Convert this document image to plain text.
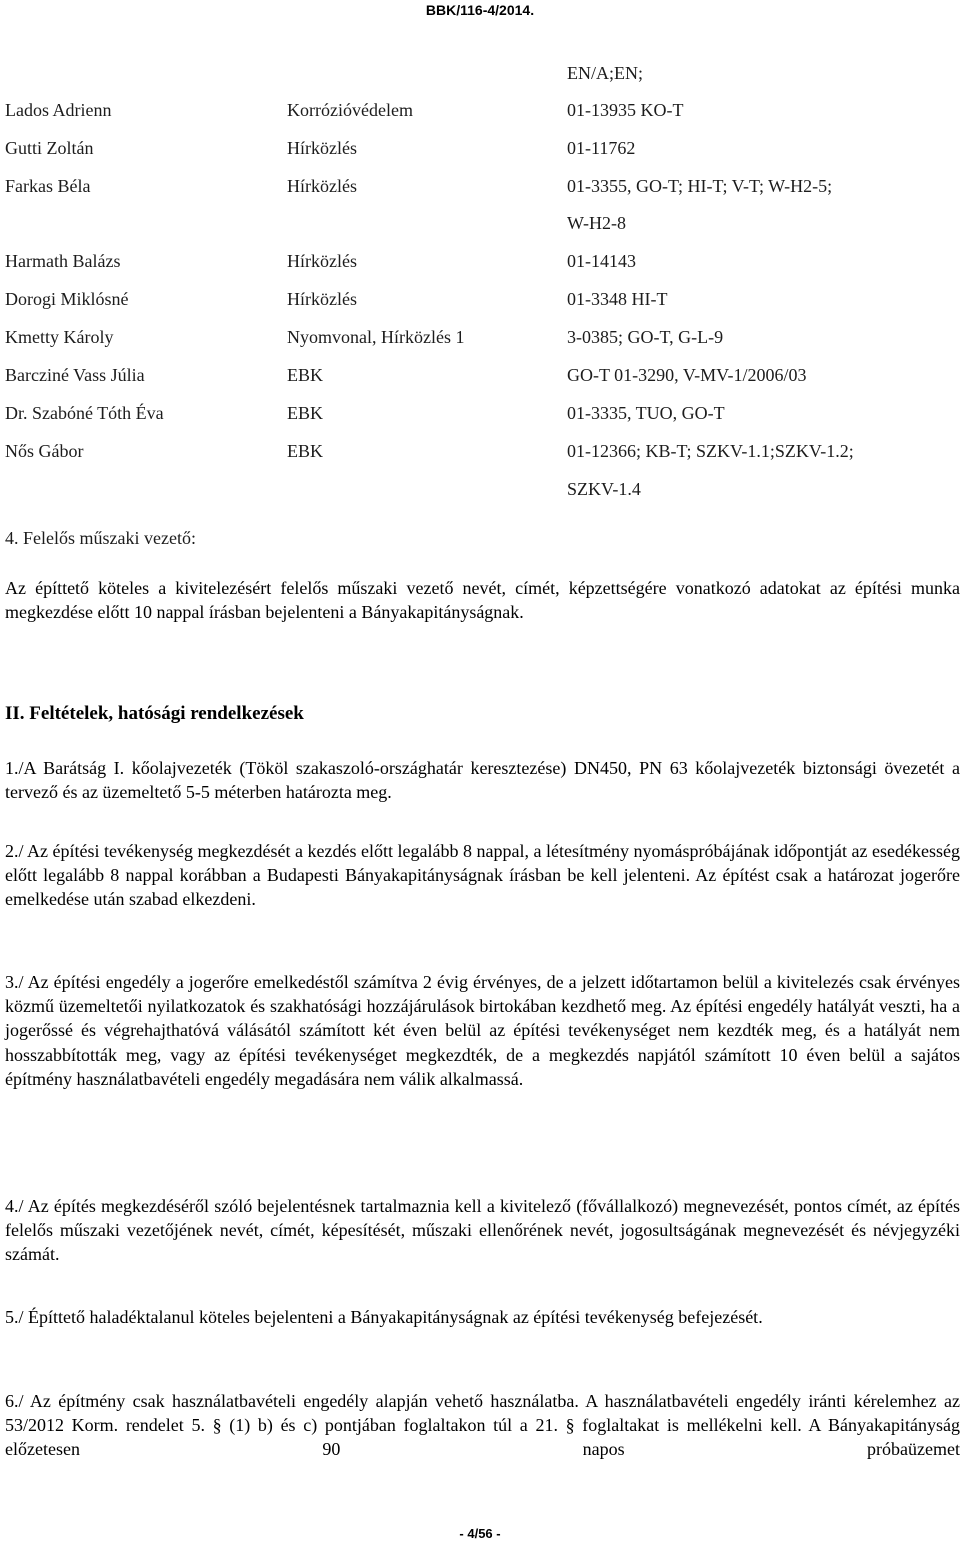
BBK/116-4/2014.
EN/A;EN;
Lados Adrienn	Korrózióvédelem	01-13935 KO-T
Gutti Zoltán	Hírközlés	01-11762
Farkas Béla	Hírközlés	01-3355, GO-T; HI-T; V-T; W-H2-5;
W-H2-8
Harmath Balázs	Hírközlés	01-14143
Dorogi Miklósné	Hírközlés	01-3348 HI-T
Kmetty Károly	Nyomvonal, Hírközlés 1	3-0385; GO-T, G-L-9
Barcziné Vass Júlia	EBK	GO-T 01-3290, V-MV-1/2006/03
Dr. Szabóné Tóth Éva	EBK	01-3335, TUO, GO-T
Nős Gábor	EBK	01-12366; KB-T; SZKV-1.1;SZKV-1.2;
SZKV-1.4
4. Felelős műszaki vezető:
Az építtető köteles a kivitelezésért felelős műszaki vezető nevét, címét, képzettségére vonatkozó adatokat az építési munka megkezdése előtt 10 nappal írásban bejelenteni a Bányakapitányságnak.
II. Feltételek, hatósági rendelkezések
1./A Barátság I. kőolajvezeték (Tököl szakaszoló-országhatár keresztezése) DN450, PN 63 kőolajvezeték biztonsági övezetét a tervező és az üzemeltető 5-5 méterben határozta meg.
2./ Az építési tevékenység megkezdését a kezdés előtt legalább 8 nappal, a létesítmény nyomáspróbájának időpontját az esedékesség előtt legalább 8 nappal korábban a Budapesti Bányakapitányságnak írásban be kell jelenteni. Az építést csak a határozat jogerőre emelkedése után szabad elkezdeni.
3./ Az építési engedély a jogerőre emelkedéstől számítva 2 évig érvényes, de a jelzett időtartamon belül a kivitelezés csak érvényes közmű üzemeltetői nyilatkozatok és szakhatósági hozzájárulások birtokában kezdhető meg. Az építési engedély hatályát veszti, ha a jogerőssé és végrehajthatóvá válásától számított két éven belül az építési tevékenységet nem kezdték meg, és a hatályát nem hosszabbították meg, vagy az építési tevékenységet megkezdték, de a megkezdés napjától számított 10 éven belül a sajátos építmény használatbavételi engedély megadására nem válik alkalmassá.
4./ Az építés megkezdéséről szóló bejelentésnek tartalmaznia kell a kivitelező (fővállalkozó) megnevezését, pontos címét, az építés felelős műszaki vezetőjének nevét, címét, képesítését, műszaki ellenőrének nevét, jogosultságának megnevezését és névjegyzéki számát.
5./ Építtető haladéktalanul köteles bejelenteni a Bányakapitányságnak az építési tevékenység befejezését.
6./ Az építmény csak használatbavételi engedély alapján vehető használatba. A használatbavételi engedély iránti kérelemhez az 53/2012 Korm. rendelet 5. § (1) b) és c) pontjában foglaltakon túl a 21. § foglaltakat is mellékelni kell. A Bányakapitányság előzetesen 90 napos próbaüzemet
- 4/56 -
